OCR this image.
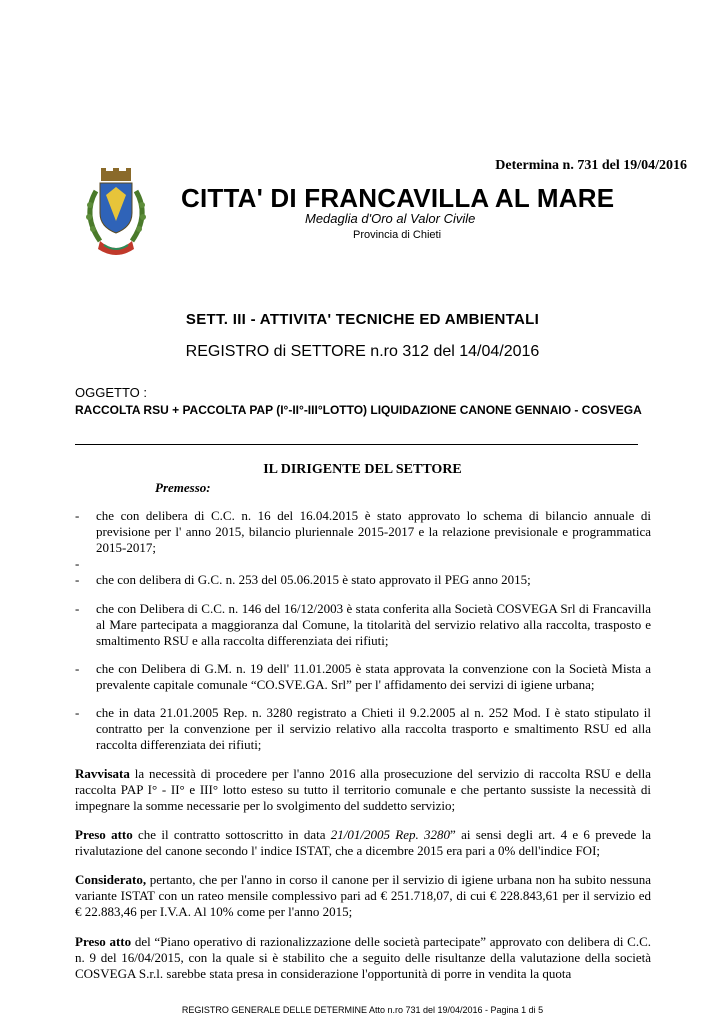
Determina n. 731 del 19/04/2016
CITTA' DI FRANCAVILLA AL MARE
Medaglia d'Oro al Valor Civile
Provincia di Chieti
SETT. III - ATTIVITA' TECNICHE ED AMBIENTALI
REGISTRO di SETTORE n.ro 312 del 14/04/2016
OGGETTO :
RACCOLTA RSU + PACCOLTA PAP (I°-II°-III°LOTTO) LIQUIDAZIONE CANONE GENNAIO - COSVEGA
IL DIRIGENTE DEL SETTORE
Premesso:
- che con delibera di C.C. n. 16 del 16.04.2015 è stato approvato lo schema di bilancio annuale di previsione per l' anno 2015, bilancio pluriennale 2015-2017 e la relazione previsionale e programmatica 2015-2017;
-
- che con delibera di G.C. n. 253 del 05.06.2015 è stato approvato il PEG anno 2015;
- che con Delibera di C.C. n. 146 del 16/12/2003 è stata conferita alla Società COSVEGA Srl di Francavilla al Mare partecipata a maggioranza dal Comune, la titolarità del servizio relativo alla raccolta, trasposto e smaltimento RSU e alla raccolta differenziata dei rifiuti;
- che con Delibera di G.M. n. 19 dell' 11.01.2005 è stata approvata la convenzione con la Società Mista a prevalente capitale comunale “CO.SVE.GA. Srl” per l' affidamento dei servizi di igiene urbana;
- che in data 21.01.2005 Rep. n. 3280 registrato a Chieti il 9.2.2005 al n. 252 Mod. I è stato stipulato il contratto per la convenzione per il servizio relativo alla raccolta trasporto e smaltimento RSU ed alla raccolta differenziata dei rifiuti;
Ravvisata la necessità di procedere per l'anno 2016 alla prosecuzione del servizio di raccolta RSU e della raccolta PAP I° - II° e III° lotto esteso su tutto il territorio comunale e che pertanto sussiste la necessità di impegnare la somme necessarie per lo svolgimento del suddetto servizio;
Preso atto che il contratto sottoscritto in data 21/01/2005 Rep. 3280” ai sensi degli art. 4 e 6 prevede la rivalutazione del canone secondo l' indice ISTAT, che a dicembre 2015 era pari a 0% dell'indice FOI;
Considerato, pertanto, che per l'anno in corso il canone per il servizio di igiene urbana non ha subito nessuna variante ISTAT con un rateo mensile complessivo pari ad € 251.718,07, di cui € 228.843,61 per il servizio ed € 22.883,46 per I.V.A. Al 10% come per l'anno 2015;
Preso atto del “Piano operativo di razionalizzazione delle società partecipate” approvato con delibera di C.C. n. 9 del 16/04/2015, con la quale si è stabilito che a seguito delle risultanze della valutazione della società COSVEGA S.r.l. sarebbe stata presa in considerazione l'opportunità di porre in vendita la quota
REGISTRO GENERALE DELLE DETERMINE Atto n.ro 731 del 19/04/2016 - Pagina 1 di 5
